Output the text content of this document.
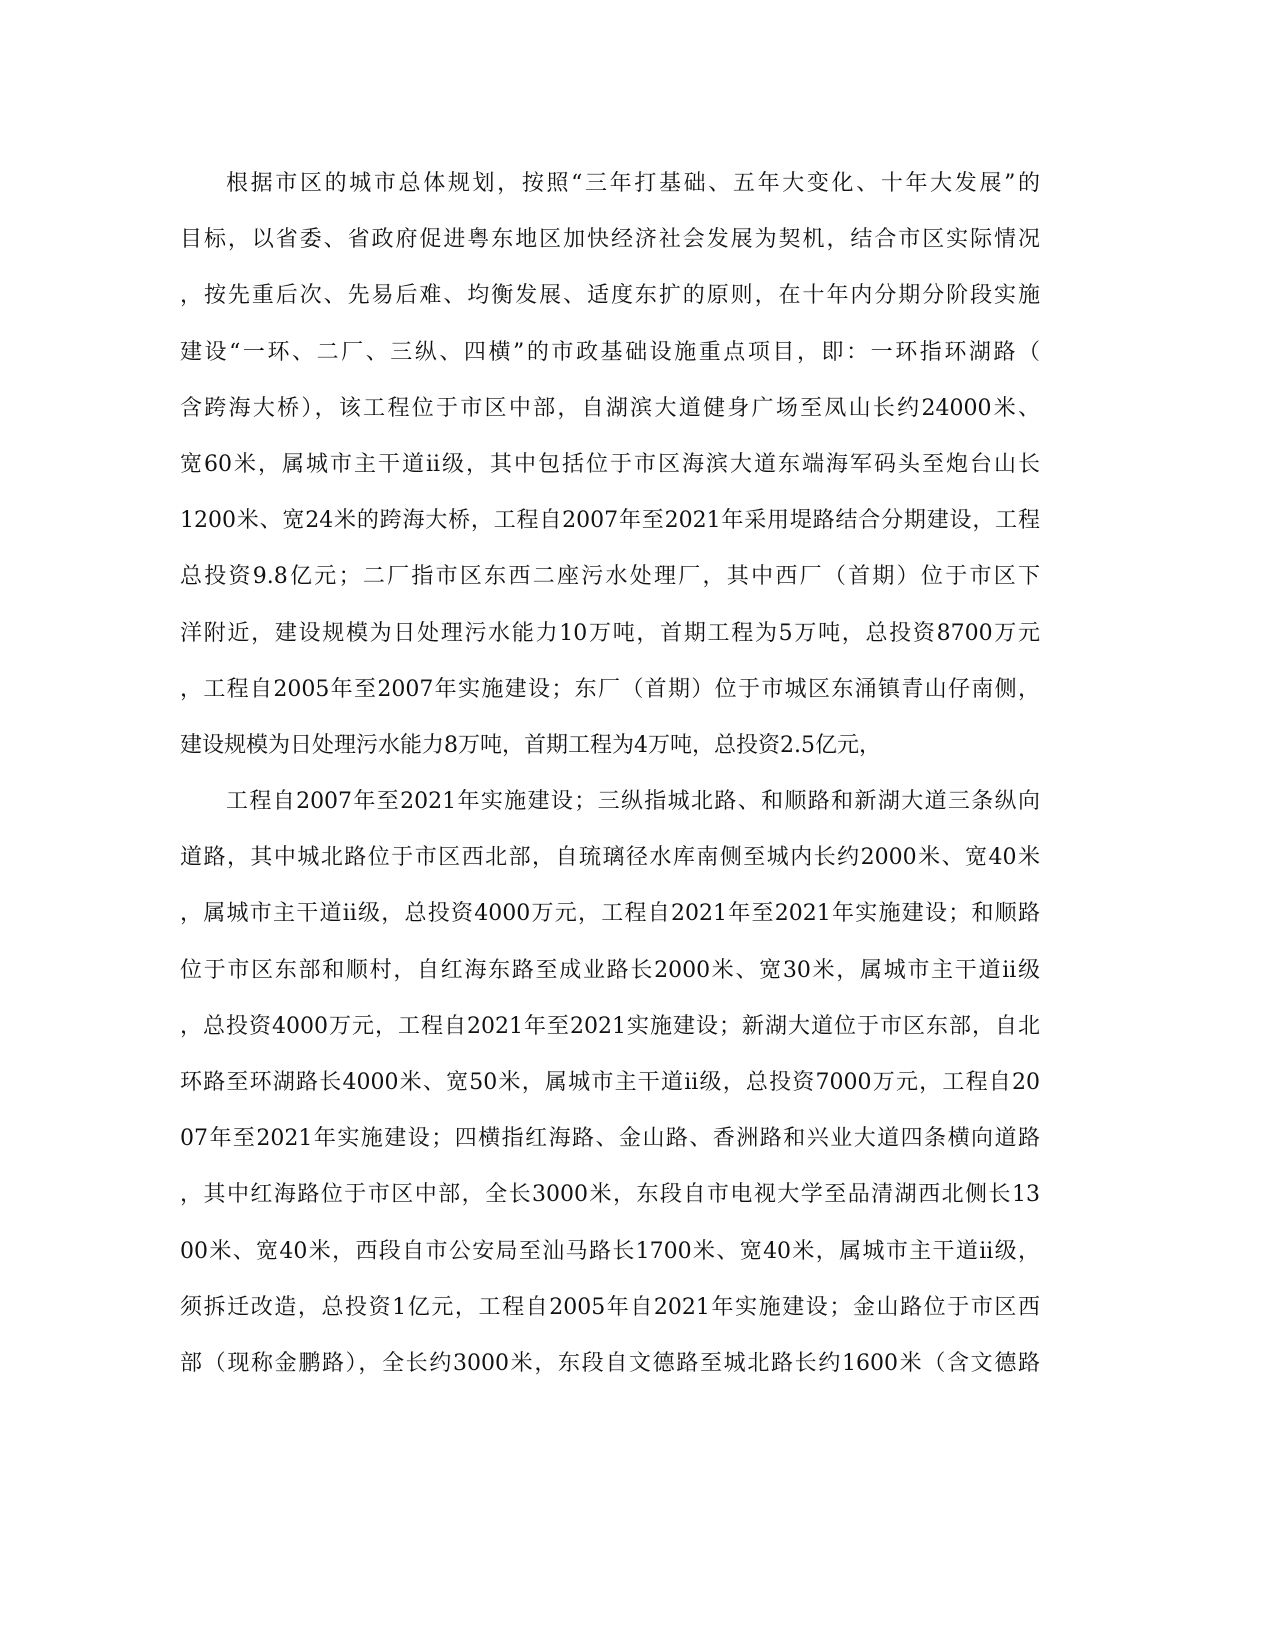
根据市区的城市总体规划，按照“三年打基础、五年大变化、十年大发展”的
目标，以省委、省政府促进粤东地区加快经济社会发展为契机，结合市区实际情况
，按先重后次、先易后难、均衡发展、适度东扩的原则，在十年内分期分阶段实施
建设“一环、二厂、三纵、四横”的市政基础设施重点项目，即：一环指环湖路（
含跨海大桥），该工程位于市区中部，自湖滨大道健身广场至凤山长约24000米、
宽60米，属城市主干道ii级，其中包括位于市区海滨大道东端海军码头至炮台山长
1200米、宽24米的跨海大桥，工程自2007年至2021年采用堤路结合分期建设，工程
总投资9.8亿元；二厂指市区东西二座污水处理厂，其中西厂（首期）位于市区下
洋附近，建设规模为日处理污水能力10万吨，首期工程为5万吨，总投资8700万元
，工程自2005年至2007年实施建设；东厂（首期）位于市城区东涌镇青山仔南侧，
建设规模为日处理污水能力8万吨，首期工程为4万吨，总投资2.5亿元，
工程自2007年至2021年实施建设；三纵指城北路、和顺路和新湖大道三条纵向
道路，其中城北路位于市区西北部，自琉璃径水库南侧至城内长约2000米、宽40米
，属城市主干道ii级，总投资4000万元，工程自2021年至2021年实施建设；和顺路
位于市区东部和顺村，自红海东路至成业路长2000米、宽30米，属城市主干道ii级
，总投资4000万元，工程自2021年至2021实施建设；新湖大道位于市区东部，自北
环路至环湖路长4000米、宽50米，属城市主干道ii级，总投资7000万元，工程自20
07年至2021年实施建设；四横指红海路、金山路、香洲路和兴业大道四条横向道路
，其中红海路位于市区中部，全长3000米，东段自市电视大学至品清湖西北侧长13
00米、宽40米，西段自市公安局至汕马路长1700米、宽40米，属城市主干道ii级，
须拆迁改造，总投资1亿元，工程自2005年自2021年实施建设；金山路位于市区西
部（现称金鹏路），全长约3000米，东段自文德路至城北路长约1600米（含文德路
